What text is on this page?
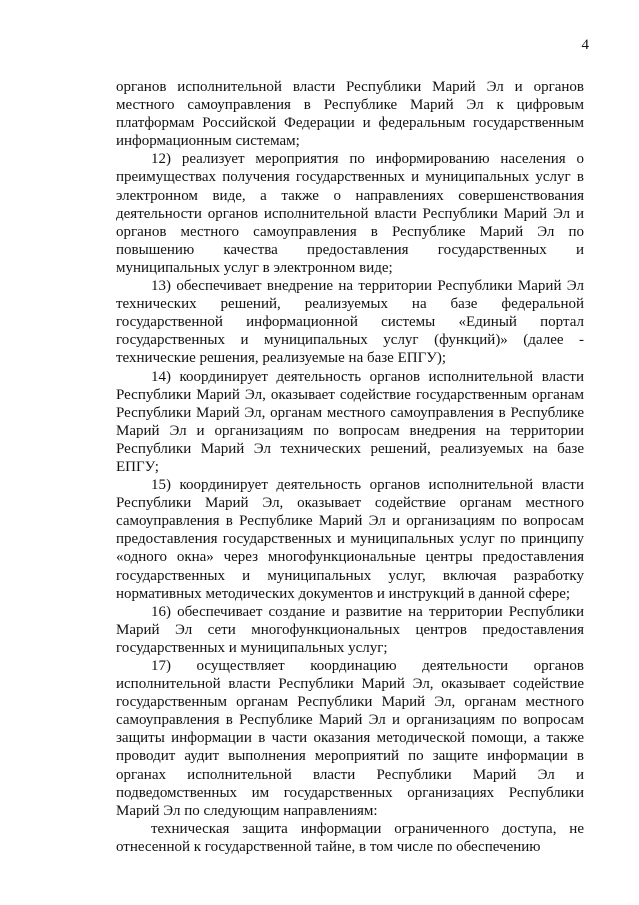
4

органов исполнительной власти Республики Марий Эл и органов местного самоуправления в Республике Марий Эл к цифровым платформам Российской Федерации и федеральным государственным информационным системам;

12) реализует мероприятия по информированию населения о преимуществах получения государственных и муниципальных услуг в электронном виде, а также о направлениях совершенствования деятельности органов исполнительной власти Республики Марий Эл и органов местного самоуправления в Республике Марий Эл по повышению качества предоставления государственных и муниципальных услуг в электронном виде;

13) обеспечивает внедрение на территории Республики Марий Эл технических решений, реализуемых на базе федеральной государственной информационной системы «Единый портал государственных и муниципальных услуг (функций)» (далее - технические решения, реализуемые на базе ЕПГУ);

14) координирует деятельность органов исполнительной власти Республики Марий Эл, оказывает содействие государственным органам Республики Марий Эл, органам местного самоуправления в Республике Марий Эл и организациям по вопросам внедрения на территории Республики Марий Эл технических решений, реализуемых на базе ЕПГУ;

15) координирует деятельность органов исполнительной власти Республики Марий Эл, оказывает содействие органам местного самоуправления в Республике Марий Эл и организациям по вопросам предоставления государственных и муниципальных услуг по принципу «одного окна» через многофункциональные центры предоставления государственных и муниципальных услуг, включая разработку нормативных методических документов и инструкций в данной сфере;

16) обеспечивает создание и развитие на территории Республики Марий Эл сети многофункциональных центров предоставления государственных и муниципальных услуг;

17) осуществляет координацию деятельности органов исполнительной власти Республики Марий Эл, оказывает содействие государственным органам Республики Марий Эл, органам местного самоуправления в Республике Марий Эл и организациям по вопросам защиты информации в части оказания методической помощи, а также проводит аудит выполнения мероприятий по защите информации в органах исполнительной власти Республики Марий Эл и подведомственных им государственных организациях Республики Марий Эл по следующим направлениям:

техническая защита информации ограниченного доступа, не отнесенной к государственной тайне, в том числе по обеспечению
